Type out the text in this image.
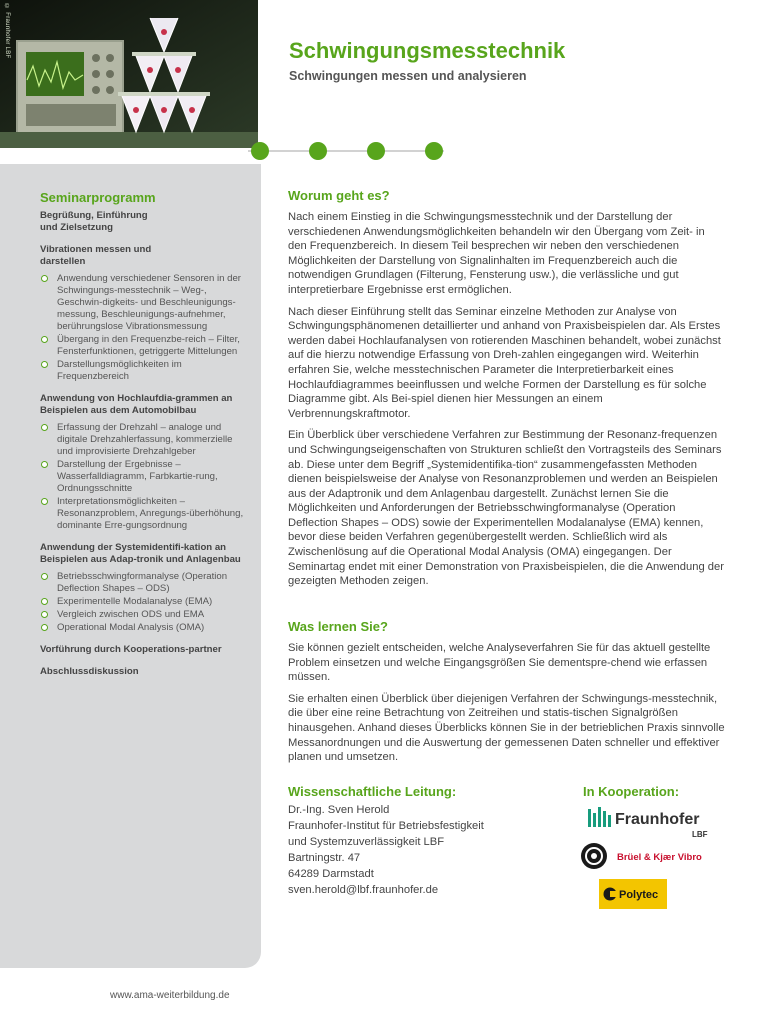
© Fraunhofer LBF	Schwingungsmesstechnik
Schwingungen messen und analysieren
Seminarprogramm
Begrüßung, Einführung
und Zielsetzung
Vibrationen messen und
darstellen
Anwendung verschiedener Sensoren in der Schwingungs-messtechnik – Weg-, Geschwin-digkeits- und Beschleunigungs-messung, Beschleunigungs-aufnehmer, berührungslose Vibrationsmessung
Übergang in den Frequenzbe-reich – Filter, Fensterfunktionen, getriggerte Mittelungen
Darstellungsmöglichkeiten im Frequenzbereich
Anwendung von Hochlaufdia-grammen an Beispielen aus dem Automobilbau
Erfassung der Drehzahl – analoge und digitale Drehzahlerfassung, kommerzielle und improvisierte Drehzahlgeber
Darstellung der Ergebnisse – Wasserfalldiagramm, Farbkartie-rung, Ordnungsschnitte
Interpretationsmöglichkeiten – Resonanzproblem, Anregungs-überhöhung, dominante Erre-gungsordnung
Anwendung der Systemidentifi-kation an Beispielen aus Adap-tronik und Anlagenbau
Betriebsschwingformanalyse (Operation Deflection Shapes – ODS)
Experimentelle Modalanalyse (EMA)
Vergleich zwischen ODS und EMA
Operational Modal Analysis (OMA)
Vorführung durch Kooperations-partner
Abschlussdiskussion
www.ama-weiterbildung.de
Worum geht es?

Nach einem Einstieg in die Schwingungsmesstechnik und der Darstellung der verschiedenen Anwendungsmöglichkeiten behandeln wir den Übergang vom Zeit- in den Frequenzbereich. In diesem Teil besprechen wir neben den verschiedenen Möglichkeiten der Darstellung von Signalinhalten im Frequenzbereich auch die notwendigen Grundlagen (Filterung, Fensterung usw.), die verlässliche und gut interpretierbare Ergebnisse erst ermöglichen.

Nach dieser Einführung stellt das Seminar einzelne Methoden zur Analyse von Schwingungsphänomenen detaillierter und anhand von Praxisbeispielen dar. Als Erstes werden dabei Hochlaufanalysen von rotierenden Maschinen behandelt, wobei zunächst auf die hierzu notwendige Erfassung von Dreh-zahlen eingegangen wird. Weiterhin erfahren Sie, welche messtechnischen Parameter die Interpretierbarkeit eines Hochlaufdiagrammes beeinflussen und welche Formen der Darstellung es für solche Diagramme gibt. Als Bei-spiel dienen hier Messungen an einem Verbrennungskraftmotor.

Ein Überblick über verschiedene Verfahren zur Bestimmung der Resonanz-frequenzen und Schwingungseigenschaften von Strukturen schließt den Vortragsteils des Seminars ab. Diese unter dem Begriff „Systemidentifika-tion“ zusammengefassten Methoden dienen beispielsweise der Analyse von Resonanzproblemen und werden an Beispielen aus der Adaptronik und dem Anlagenbau dargestellt. Zunächst lernen Sie die Möglichkeiten und Anforderungen der Betriebsschwingformanalyse (Operation Deflection Shapes – ODS) sowie der Experimentellen Modalanalyse (EMA) kennen, bevor diese beiden Verfahren gegenübergestellt werden. Schließlich wird als Zwischenlösung auf die Operational Modal Analysis (OMA) eingegangen. Der Seminartag endet mit einer Demonstration von Praxisbeispielen, die die Anwendung der gezeigten Methoden zeigen.

Was lernen Sie?

Sie können gezielt entscheiden, welche Analyseverfahren Sie für das aktuell gestellte Problem einsetzen und welche Eingangsgrößen Sie dementspre-chend wie erfassen müssen.

Sie erhalten einen Überblick über diejenigen Verfahren der Schwingungs-messtechnik, die über eine reine Betrachtung von Zeitreihen und statis-tischen Signalgrößen hinausgehen. Anhand dieses Überblicks können Sie in der betrieblichen Praxis sinnvolle Messanordnungen und die Auswertung der gemessenen Daten schneller und effektiver planen und umsetzen.

Wissenschaftliche Leitung:
Dr.-Ing. Sven Herold
Fraunhofer-Institut für Betriebsfestigkeit
und Systemzuverlässigkeit LBF
Bartningstr. 47
64289 Darmstadt
sven.herold@lbf.fraunhofer.de
In Kooperation:
Fraunhofer
LBF
Brüel & Kjær Vibro
Polytec
